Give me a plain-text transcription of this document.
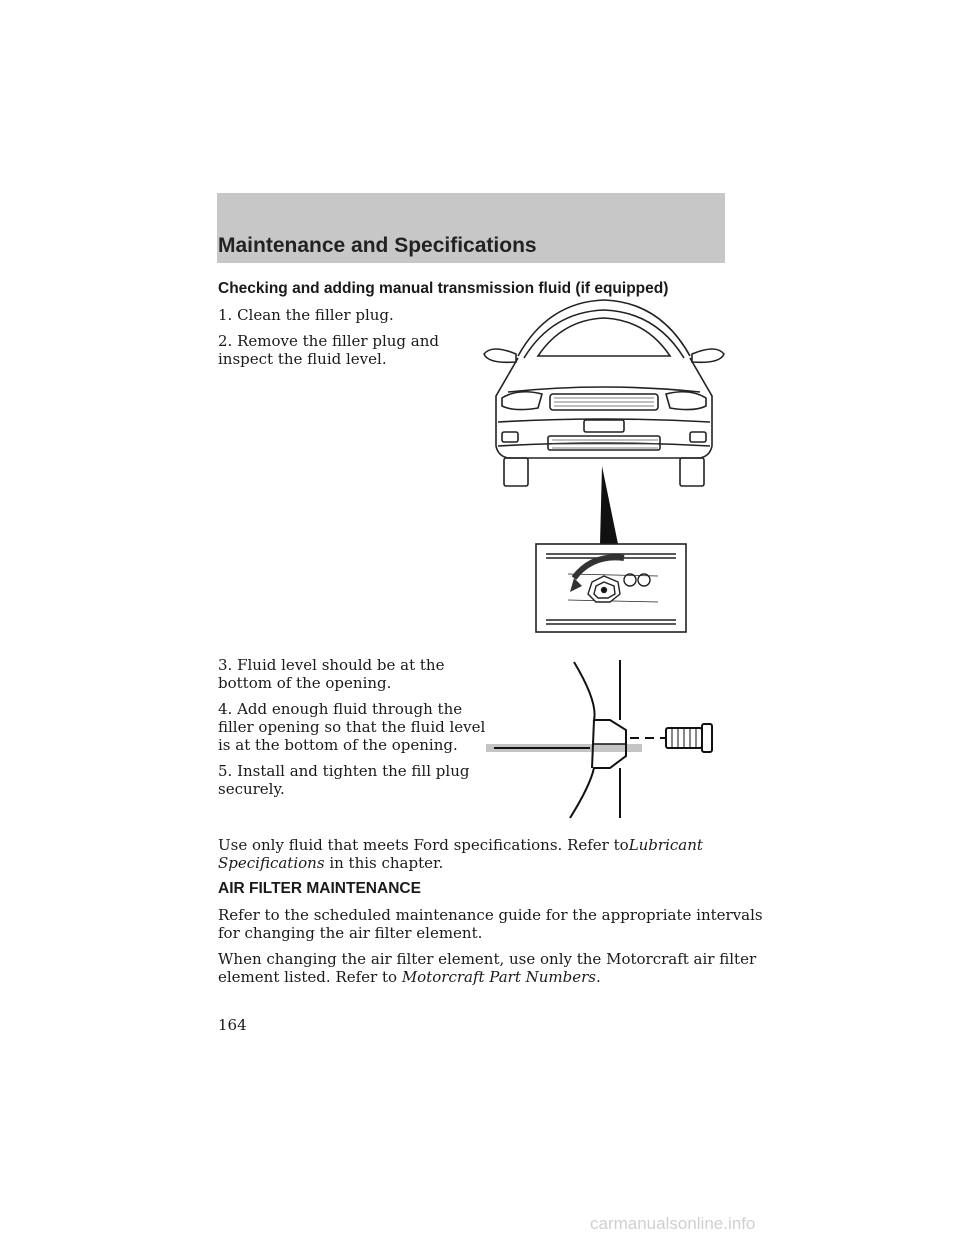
Maintenance and Specifications
Checking and adding manual transmission fluid (if equipped)

1. Clean the filler plug.

2. Remove the filler plug and

inspect the fluid level.

3. Fluid level should be at the

bottom of the opening.

4. Add enough fluid through the

filler opening so that the fluid level

is at the bottom of the opening.

5. Install and tighten the fill plug

securely.

Use only fluid that meets Ford specifications. Refer toLubricant

Specifications in this chapter.

AIR FILTER MAINTENANCE

Refer to the scheduled maintenance guide for the appropriate intervals

for changing the air filter element.

When changing the air filter element, use only the Motorcraft air filter

element listed. Refer to Motorcraft Part Numbers.

164
carmanualsonline.info
